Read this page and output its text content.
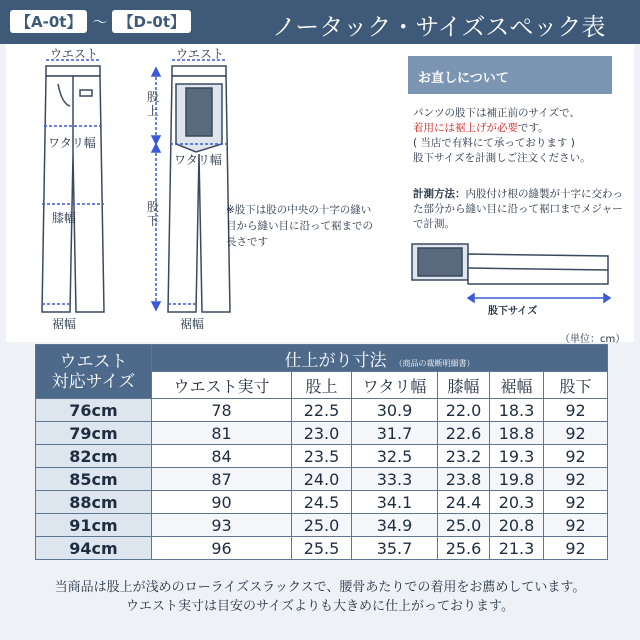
【A-0t】 〜 【D-0t】	ノータック・サイズスペック表
ウエスト	ウエスト
ワタリ幅
ワタリ幅
膝幅
裾幅	裾幅
股上
股下
※股下は股の中央の十字の縫い目から縫い目に沿って裾までの長さです
お直しについて
パンツの股下は補正前のサイズで、
着用には裾上げが必要です。
( 当店で有料にて承っております )
股下サイズを計測しご注文ください。
計測方法：内股付け根の縫製が十字に交わった部分から縫い目に沿って裾口までメジャーで計測。
股下サイズ
（単位：cm）
ウエスト
対応サイズ	仕上がり寸法 （商品の裁断明細書）					
	ウエスト実寸	股上	ワタリ幅	膝幅	裾幅	股下
76cm	78	22.5	30.9	22.0	18.3	92
79cm	81	23.0	31.7	22.6	18.8	92
82cm	84	23.5	32.5	23.2	19.3	92
85cm	87	24.0	33.3	23.8	19.8	92
88cm	90	24.5	34.1	24.4	20.3	92
91cm	93	25.0	34.9	25.0	20.8	92
94cm	96	25.5	35.7	25.6	21.3	92
当商品は股上が浅めのローライズスラックスで、腰骨あたりでの着用をお薦めしています。
ウエスト実寸は目安のサイズよりも大きめに仕上がっております。
